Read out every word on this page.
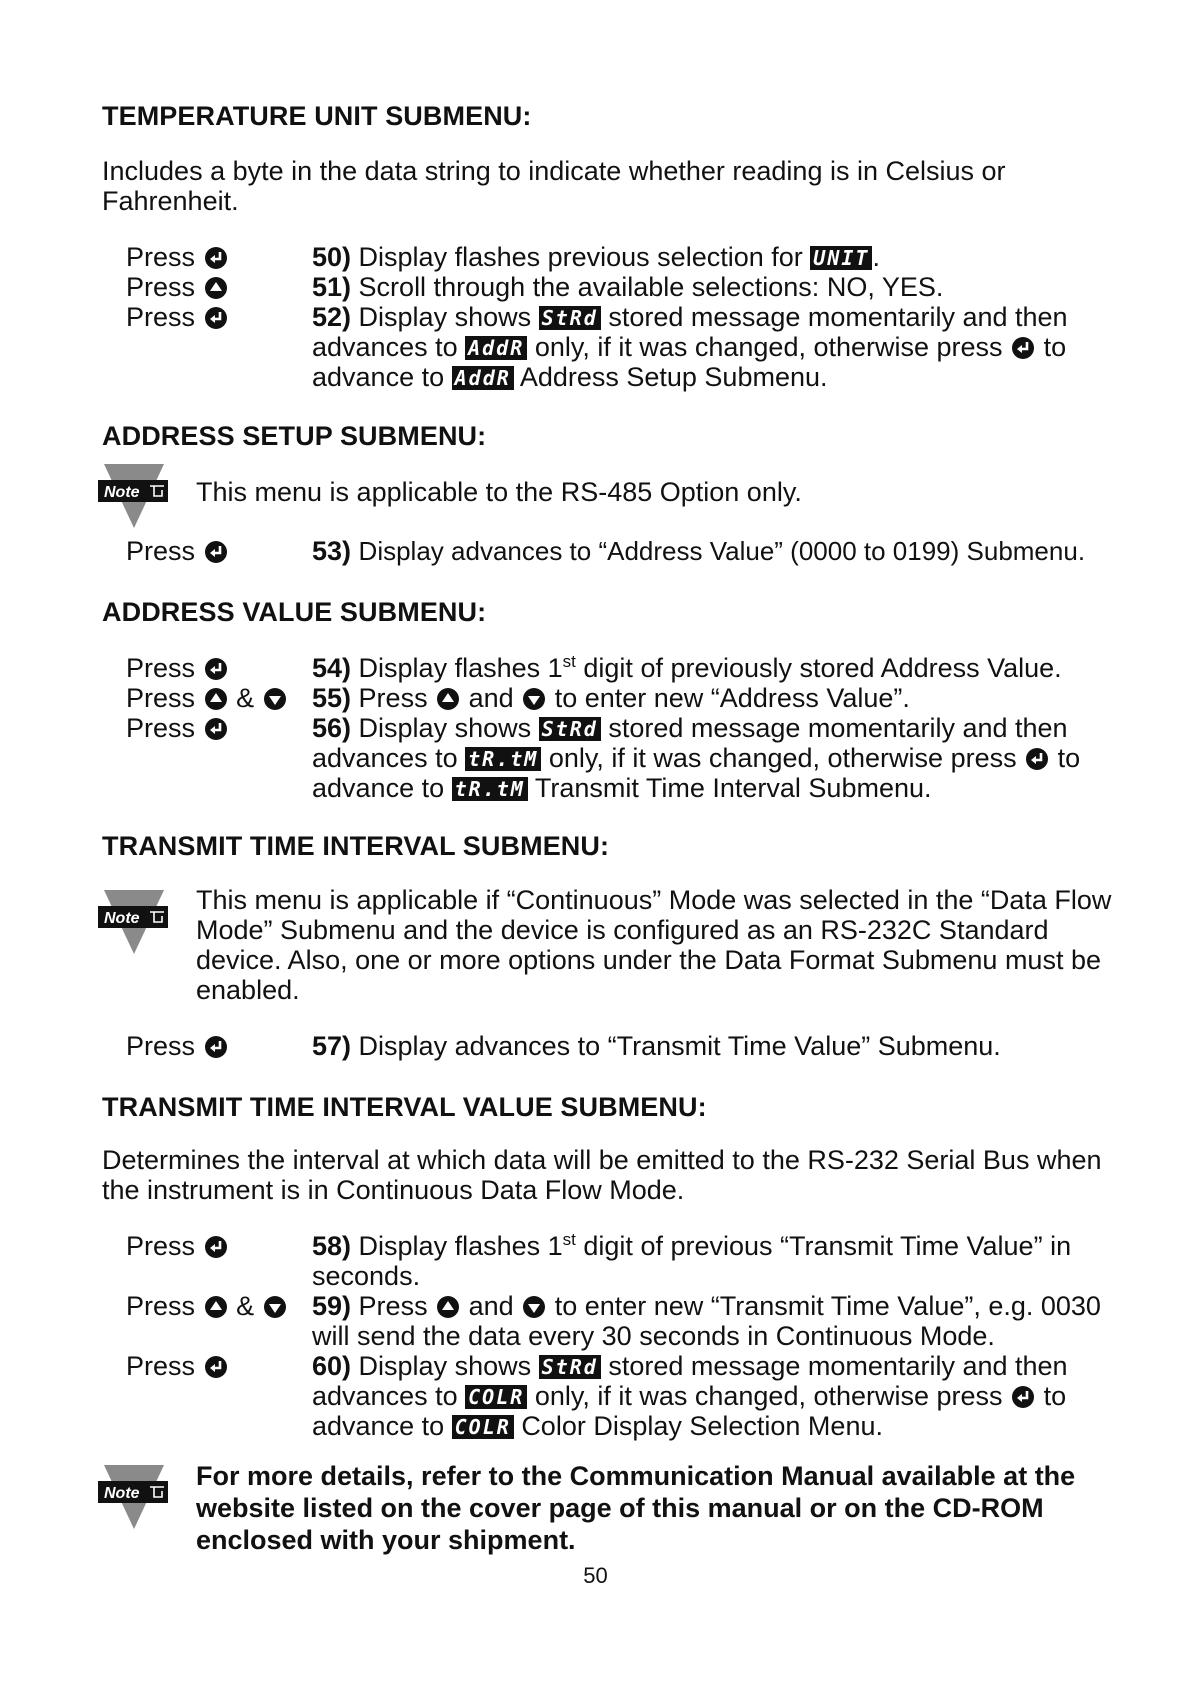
TEMPERATURE UNIT SUBMENU:

Includes a byte in the data string to indicate whether reading is in Celsius or Fahrenheit.

Press	50) Display flashes previous selection for UNIT .
Press	51) Scroll through the available selections: NO, YES.
Press	52) Display shows StRd stored message momentarily and then advances to AddR only, if it was changed, otherwise press to advance to AddR Address Setup Submenu.
ADDRESS SETUP SUBMENU:
Note This menu is applicable to the RS-485 Option only.

Press	53) Display advances to “Address Value” (0000 to 0199) Submenu.
ADDRESS VALUE SUBMENU:
Press	54) Display flashes 1st digit of previously stored Address Value.
Press &	55) Press and to enter new “Address Value”.
Press	56) Display shows StRd stored message momentarily and then advances to tR.tM only, if it was changed, otherwise press to advance to tR.tM Transmit Time Interval Submenu.
TRANSMIT TIME INTERVAL SUBMENU:
Note

This menu is applicable if “Continuous” Mode was selected in the “Data Flow Mode” Submenu and the device is configured as an RS-232C Standard device. Also, one or more options under the Data Format Submenu must be enabled.

Press	57) Display advances to “Transmit Time Value” Submenu.
TRANSMIT TIME INTERVAL VALUE SUBMENU:

Determines the interval at which data will be emitted to the RS-232 Serial Bus when the instrument is in Continuous Data Flow Mode.

Press	58) Display flashes 1st digit of previous “Transmit Time Value” in seconds.
Press &	59) Press and to enter new “Transmit Time Value”, e.g. 0030 will send the data every 30 seconds in Continuous Mode.
Press	60) Display shows StRd stored message momentarily and then advances to COLR only, if it was changed, otherwise press to advance to COLR Color Display Selection Menu.
Note

For more details, refer to the Communication Manual available at the website listed on the cover page of this manual or on the CD-ROM enclosed with your shipment.

50
